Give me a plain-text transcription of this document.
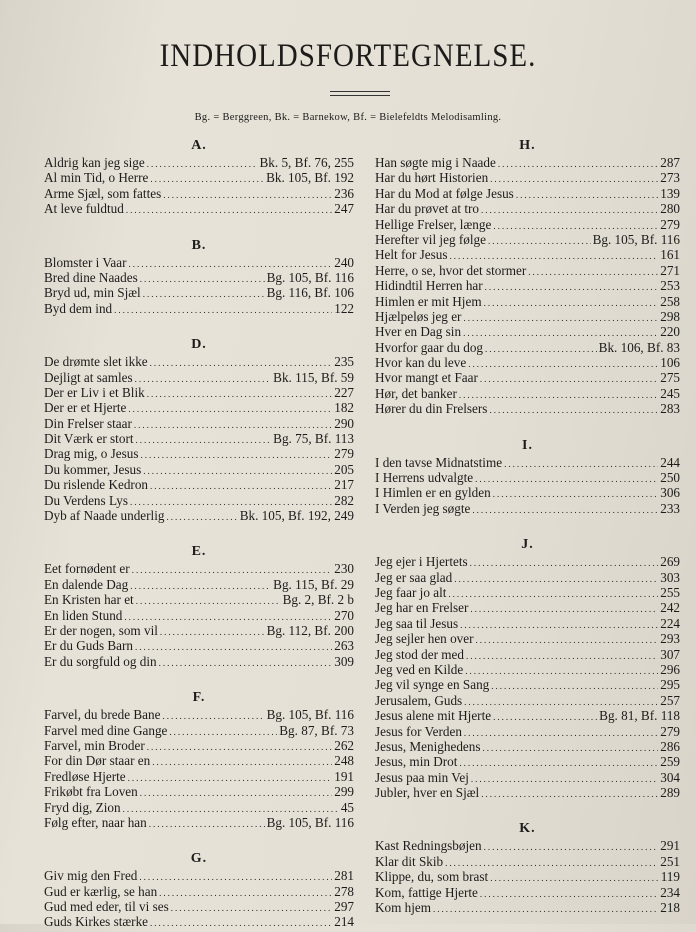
INDHOLDSFORTEGNELSE.
Bg. = Berggreen, Bk. = Barnekow, Bf. = Bielefeldts Melodisamling.
A.
Aldrig kan jeg sige .....	Bk. 5, Bf. 76, 255
Al min Tid, o Herre .....	Bk. 105, Bf. 192
Arme Sjæl, som fattes .....	236
At leve fuldtud .....	247
B.
Blomster i Vaar .....	240
Bred dine Naades .....	Bg. 105, Bf. 116
Bryd ud, min Sjæl .....	Bg. 116, Bf. 106
Byd dem ind .....	122
D.
De drømte slet ikke .....	235
Dejligt at samles .....	Bk. 115, Bf. 59
Der er Liv i et Blik .....	227
Der er et Hjerte .....	182
Din Frelser staar .....	290
Dit Værk er stort .....	Bg. 75, Bf. 113
Drag mig, o Jesus .....	279
Du kommer, Jesus .....	205
Du rislende Kedron .....	217
Du Verdens Lys .....	282
Dyb af Naade underlig .....	Bk. 105, Bf. 192, 249
E.
Eet fornødent er .....	230
En dalende Dag .....	Bg. 115, Bf. 29
En Kristen har et .....	Bg. 2, Bf. 2 b
En liden Stund .....	270
Er der nogen, som vil .....	Bg. 112, Bf. 200
Er du Guds Barn .....	263
Er du sorgfuld og din .....	309
F.
Farvel, du brede Bane .....	Bg. 105, Bf. 116
Farvel med dine Gange .....	Bg. 87, Bf. 73
Farvel, min Broder .....	262
For din Dør staar en .....	248
Fredløse Hjerte .....	191
Frikøbt fra Loven .....	299
Fryd dig, Zion .....	45
Følg efter, naar han .....	Bg. 105, Bf. 116
G.
Giv mig den Fred .....	281
Gud er kærlig, se han .....	278
Gud med eder, til vi ses .....	297
Guds Kirkes stærke .....	214
H.
Han søgte mig i Naade .....	287
Har du hørt Historien .....	273
Har du Mod at følge Jesus .....	139
Har du prøvet at tro .....	280
Hellige Frelser, længe .....	279
Herefter vil jeg følge .....	Bg. 105, Bf. 116
Helt for Jesus .....	161
Herre, o se, hvor det stormer .....	271
Hidindtil Herren har .....	253
Himlen er mit Hjem .....	258
Hjælpeløs jeg er .....	298
Hver en Dag sin .....	220
Hvorfor gaar du dog .....	Bk. 106, Bf. 83
Hvor kan du leve .....	106
Hvor mangt et Faar .....	275
Hør, det banker .....	245
Hører du din Frelsers .....	283
I.
I den tavse Midnatstime .....	244
I Herrens udvalgte .....	250
I Himlen er en gylden .....	306
I Verden jeg søgte .....	233
J.
Jeg ejer i Hjertets .....	269
Jeg er saa glad .....	303
Jeg faar jo alt .....	255
Jeg har en Frelser .....	242
Jeg saa til Jesus .....	224
Jeg sejler hen over .....	293
Jeg stod der med .....	307
Jeg ved en Kilde .....	296
Jeg vil synge en Sang .....	295
Jerusalem, Guds .....	257
Jesus alene mit Hjerte .....	Bg. 81, Bf. 118
Jesus for Verden .....	279
Jesus, Menighedens .....	286
Jesus, min Drot .....	259
Jesus paa min Vej .....	304
Jubler, hver en Sjæl .....	289
K.
Kast Redningsbøjen .....	291
Klar dit Skib .....	251
Klippe, du, som brast .....	119
Kom, fattige Hjerte .....	234
Kom hjem .....	218
